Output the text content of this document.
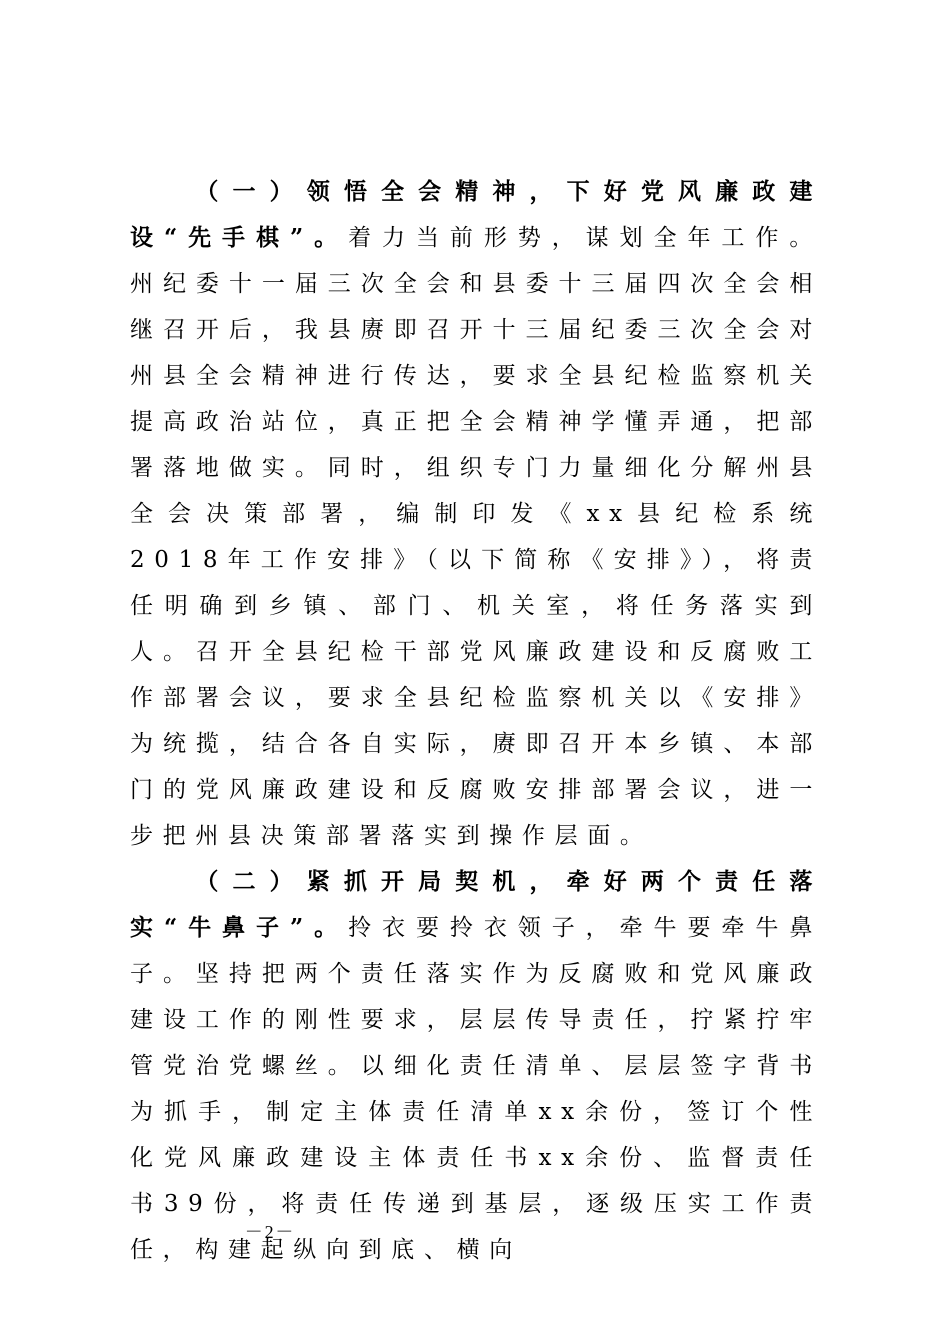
（一）领悟全会精神，下好党风廉政建设“先手棋”。着力当前形势，谋划全年工作。州纪委十一届三次全会和县委十三届四次全会相继召开后，我县赓即召开十三届纪委三次全会对州县全会精神进行传达，要求全县纪检监察机关提高政治站位，真正把全会精神学懂弄通，把部署落地做实。同时，组织专门力量细化分解州县全会决策部署，编制印发《xx县纪检系统2018年工作安排》（以下简称《安排》），将责任明确到乡镇、部门、机关室，将任务落实到人。召开全县纪检干部党风廉政建设和反腐败工作部署会议，要求全县纪检监察机关以《安排》为统揽，结合各自实际，赓即召开本乡镇、本部门的党风廉政建设和反腐败安排部署会议，进一步把州县决策部署落实到操作层面。

（二）紧抓开局契机，牵好两个责任落实“牛鼻子”。拎衣要拎衣领子，牵牛要牵牛鼻子。坚持把两个责任落实作为反腐败和党风廉政建设工作的刚性要求，层层传导责任，拧紧拧牢管党治党螺丝。以细化责任清单、层层签字背书为抓手，制定主体责任清单xx余份，签订个性化党风廉政建设主体责任书xx余份、监督责任书39份，将责任传递到基层，逐级压实工作责任，构建起纵向到底、横向

－2－
